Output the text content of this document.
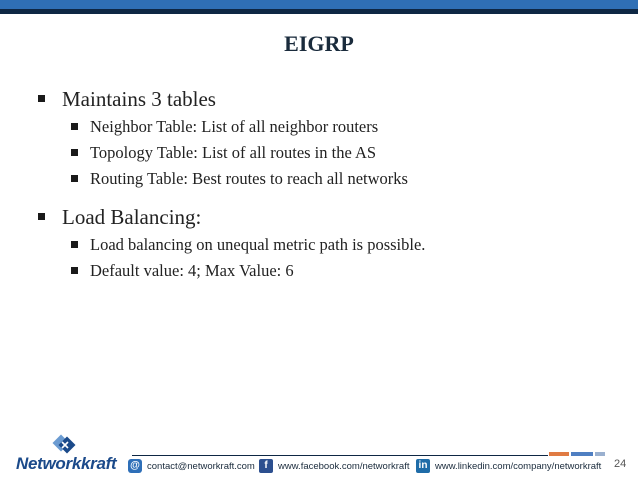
EIGRP
Maintains 3 tables
Neighbor Table: List of all neighbor routers
Topology Table: List of all routes in the AS
Routing Table: Best routes to reach all networks
Load Balancing:
Load balancing on unequal metric path is possible.
Default value: 4; Max Value: 6
Networkkraft @ contact@networkraft.com f www.facebook.com/networkraft in www.linkedin.com/company/networkraft 24
